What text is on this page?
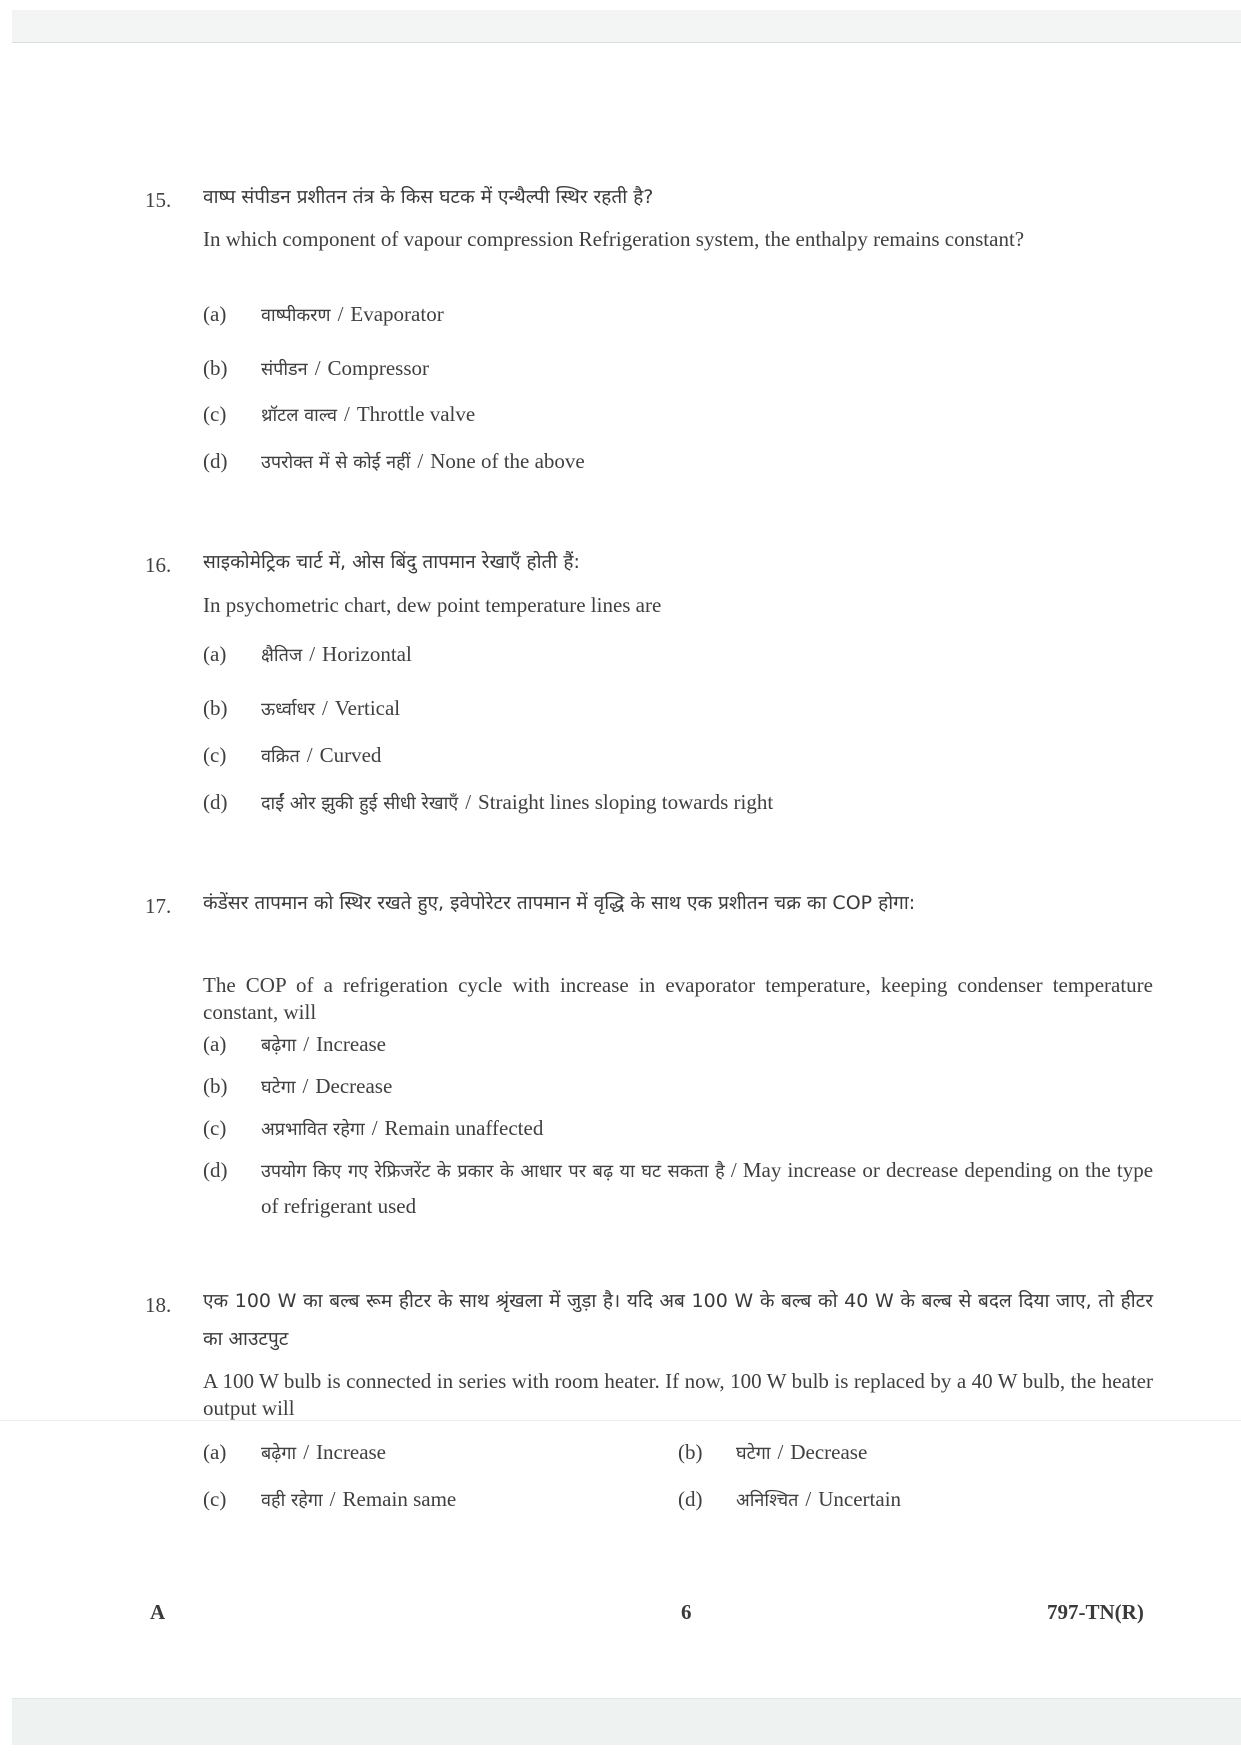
15. वाष्प संपीडन प्रशीतन तंत्र के किस घटक में एन्थैल्पी स्थिर रहती है?
In which component of vapour compression Refrigeration system, the enthalpy remains constant?
(a) वाष्पीकरण / Evaporator
(b) संपीडन / Compressor
(c) थ्रॉटल वाल्व / Throttle valve
(d) उपरोक्त में से कोई नहीं / None of the above
16. साइकोमेट्रिक चार्ट में, ओस बिंदु तापमान रेखाएँ होती हैं:
In psychometric chart, dew point temperature lines are
(a) क्षैतिज / Horizontal
(b) ऊर्ध्वाधर / Vertical
(c) वक्रित / Curved
(d) दाईं ओर झुकी हुई सीधी रेखाएँ / Straight lines sloping towards right
17. कंडेंसर तापमान को स्थिर रखते हुए, इवेपोरेटर तापमान में वृद्धि के साथ एक प्रशीतन चक्र का COP होगा:
The COP of a refrigeration cycle with increase in evaporator temperature, keeping condenser temperature constant, will
(a) बढ़ेगा / Increase
(b) घटेगा / Decrease
(c) अप्रभावित रहेगा / Remain unaffected
(d) उपयोग किए गए रेफ्रिजरेंट के प्रकार के आधार पर बढ़ या घट सकता है / May increase or decrease depending on the type of refrigerant used
18. एक 100 W का बल्ब रूम हीटर के साथ श्रृंखला में जुड़ा है। यदि अब 100 W के बल्ब को 40 W के बल्ब से बदल दिया जाए, तो हीटर का आउटपुट
A 100 W bulb is connected in series with room heater. If now, 100 W bulb is replaced by a 40 W bulb, the heater output will
(a) बढ़ेगा / Increase	(b) घटेगा / Decrease
(c) वही रहेगा / Remain same	(d) अनिश्चित / Uncertain
A	6	797-TN(R)
